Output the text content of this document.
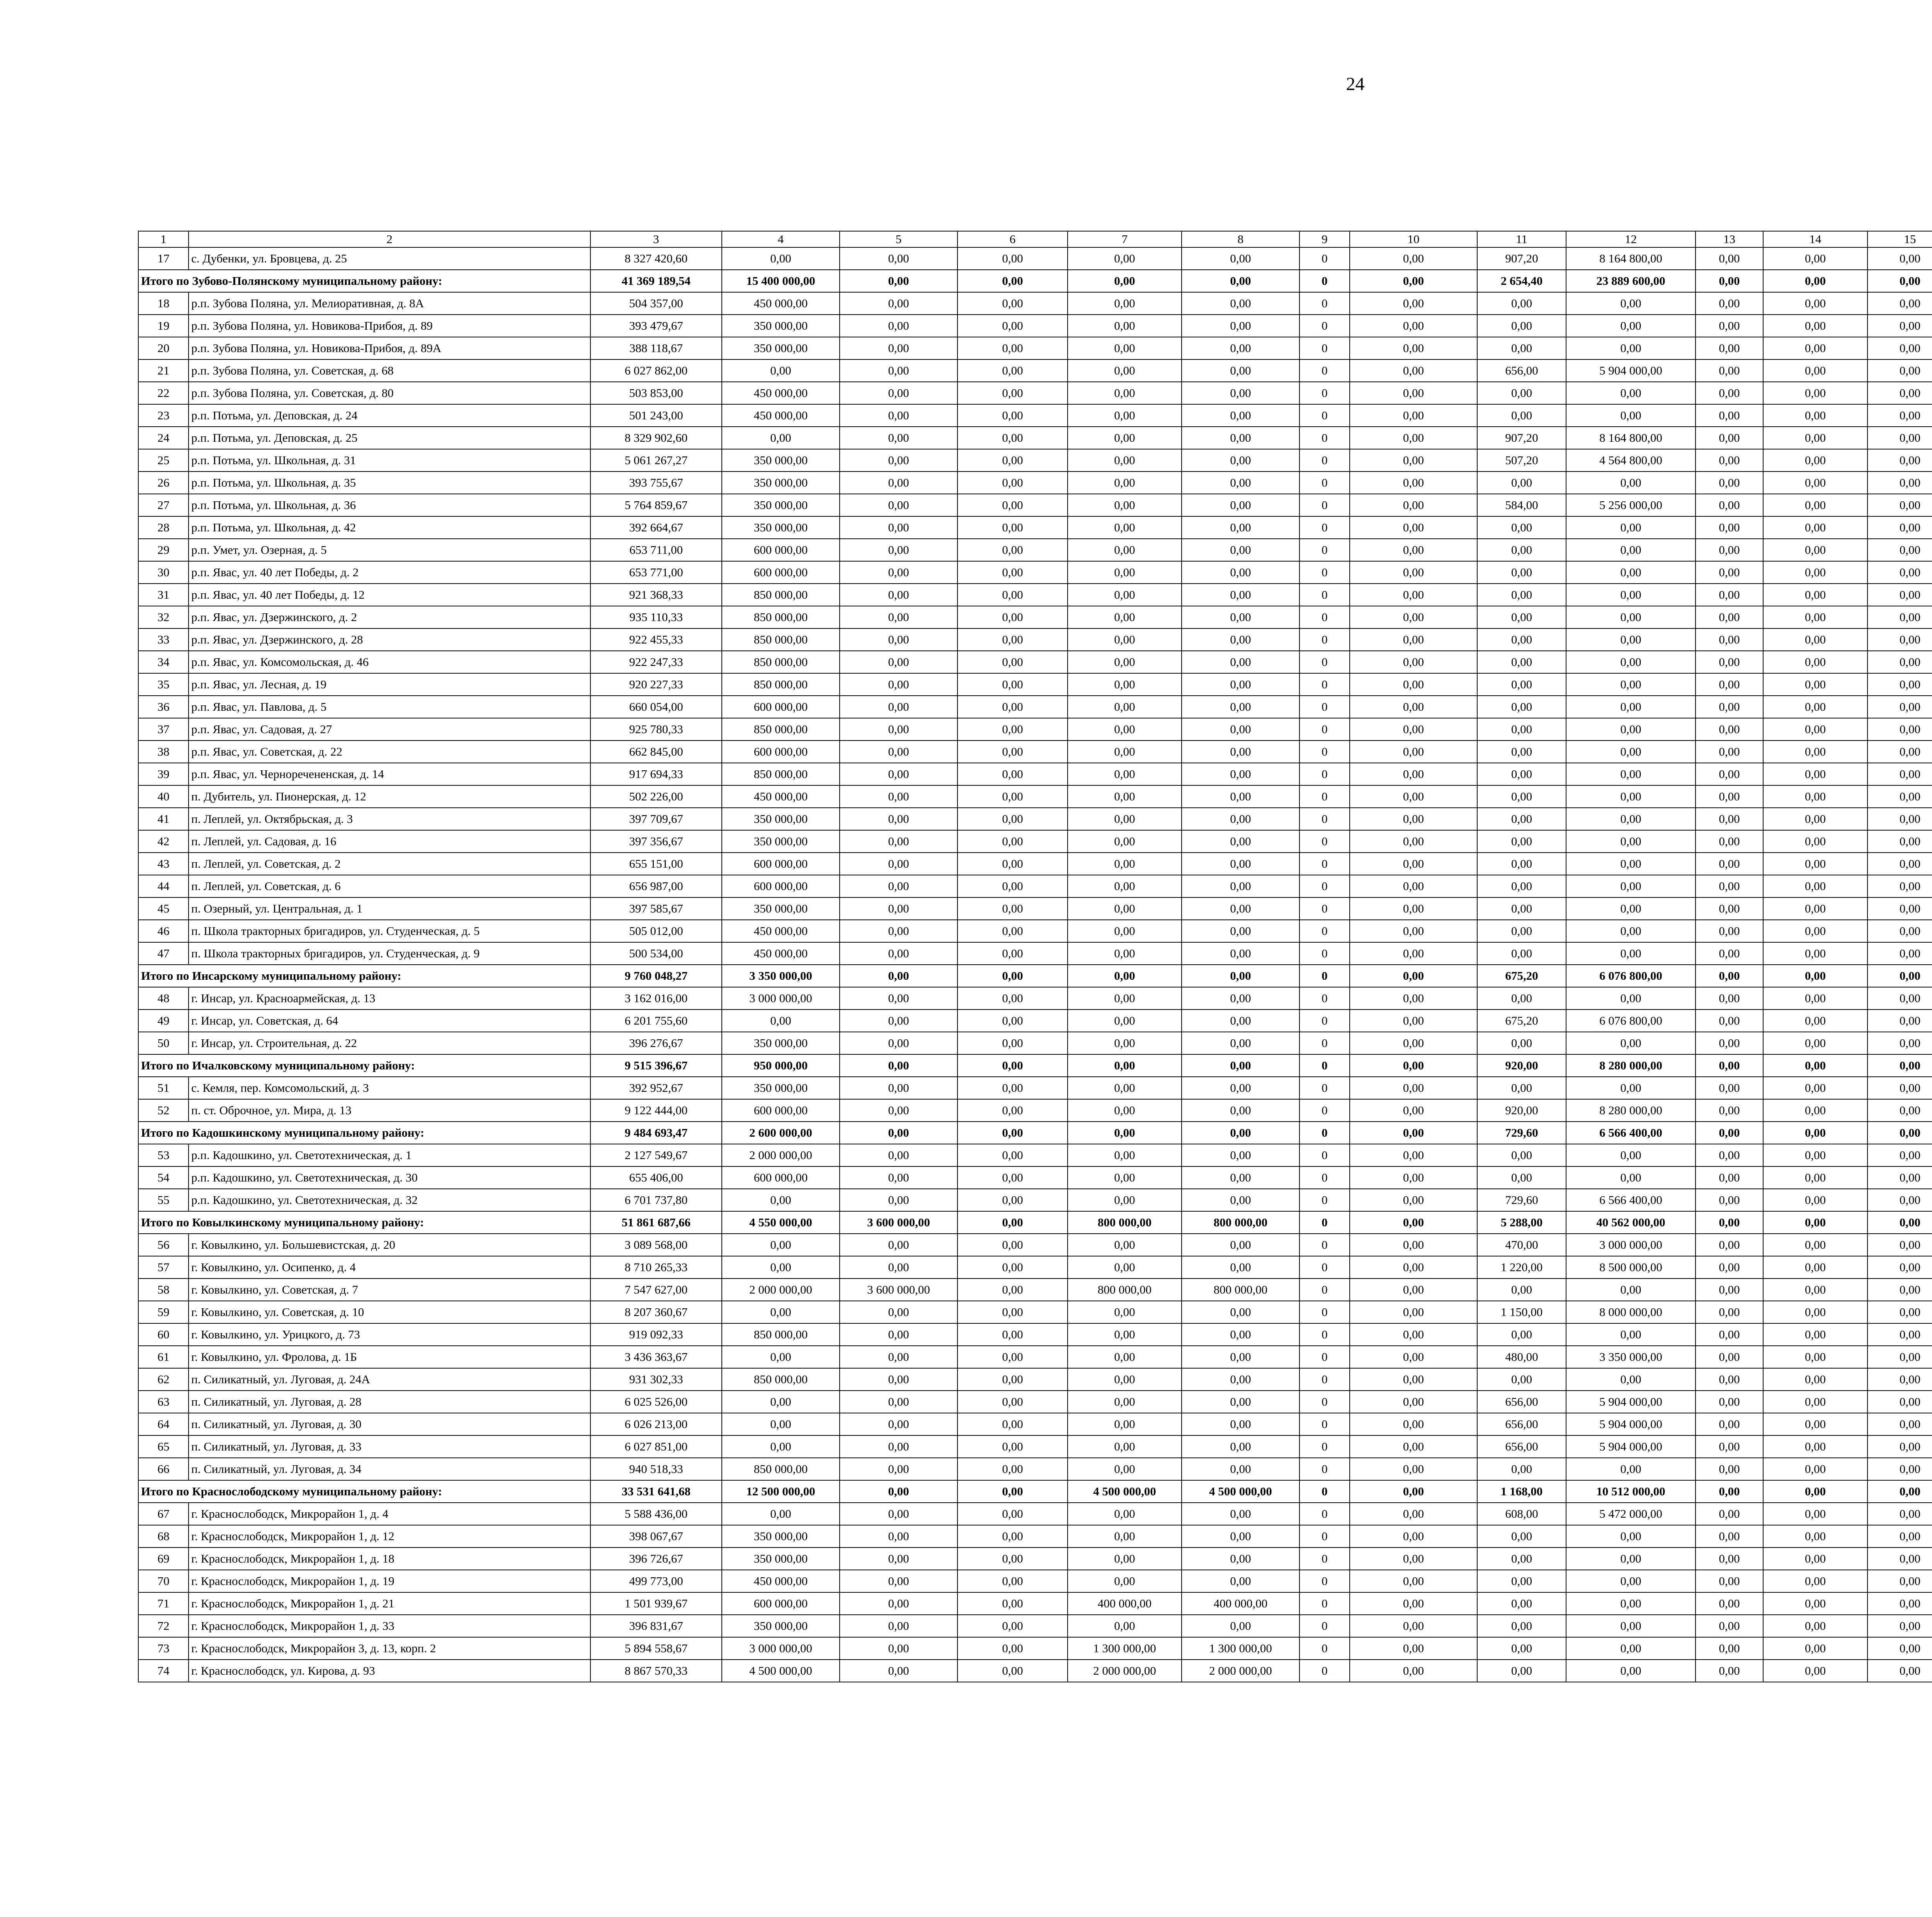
24
1	2	3	4	5	6	7	8	9	10	11	12	13	14	15						
17	с. Дубенки, ул. Бровцева, д. 25	8 327 420,60	0,00	0,00	0,00	0,00	0,00	0	0,00	907,20	8 164 800,00	0,00	0,00	0,00						
Итого по Зубово-Полянскому муниципальному району:		41 369 189,54	15 400 000,00	0,00	0,00	0,00	0,00	0	0,00	2 654,40	23 889 600,00	0,00	0,00	0,00						
18	р.п. Зубова Поляна, ул. Мелиоративная, д. 8А	504 357,00	450 000,00	0,00	0,00	0,00	0,00	0	0,00	0,00	0,00	0,00	0,00	0,00						
19	р.п. Зубова Поляна, ул. Новикова-Прибоя, д. 89	393 479,67	350 000,00	0,00	0,00	0,00	0,00	0	0,00	0,00	0,00	0,00	0,00	0,00						
20	р.п. Зубова Поляна, ул. Новикова-Прибоя, д. 89А	388 118,67	350 000,00	0,00	0,00	0,00	0,00	0	0,00	0,00	0,00	0,00	0,00	0,00						
21	р.п. Зубова Поляна, ул. Советская, д. 68	6 027 862,00	0,00	0,00	0,00	0,00	0,00	0	0,00	656,00	5 904 000,00	0,00	0,00	0,00						
22	р.п. Зубова Поляна, ул. Советская, д. 80	503 853,00	450 000,00	0,00	0,00	0,00	0,00	0	0,00	0,00	0,00	0,00	0,00	0,00						
23	р.п. Потьма, ул. Деповская, д. 24	501 243,00	450 000,00	0,00	0,00	0,00	0,00	0	0,00	0,00	0,00	0,00	0,00	0,00						
24	р.п. Потьма, ул. Деповская, д. 25	8 329 902,60	0,00	0,00	0,00	0,00	0,00	0	0,00	907,20	8 164 800,00	0,00	0,00	0,00						
25	р.п. Потьма, ул. Школьная, д. 31	5 061 267,27	350 000,00	0,00	0,00	0,00	0,00	0	0,00	507,20	4 564 800,00	0,00	0,00	0,00						
26	р.п. Потьма, ул. Школьная, д. 35	393 755,67	350 000,00	0,00	0,00	0,00	0,00	0	0,00	0,00	0,00	0,00	0,00	0,00						
27	р.п. Потьма, ул. Школьная, д. 36	5 764 859,67	350 000,00	0,00	0,00	0,00	0,00	0	0,00	584,00	5 256 000,00	0,00	0,00	0,00						
28	р.п. Потьма, ул. Школьная, д. 42	392 664,67	350 000,00	0,00	0,00	0,00	0,00	0	0,00	0,00	0,00	0,00	0,00	0,00						
29	р.п. Умет, ул. Озерная, д. 5	653 711,00	600 000,00	0,00	0,00	0,00	0,00	0	0,00	0,00	0,00	0,00	0,00	0,00						
30	р.п. Явас, ул. 40 лет Победы, д. 2	653 771,00	600 000,00	0,00	0,00	0,00	0,00	0	0,00	0,00	0,00	0,00	0,00	0,00						
31	р.п. Явас, ул. 40 лет Победы, д. 12	921 368,33	850 000,00	0,00	0,00	0,00	0,00	0	0,00	0,00	0,00	0,00	0,00	0,00						
32	р.п. Явас, ул. Дзержинского, д. 2	935 110,33	850 000,00	0,00	0,00	0,00	0,00	0	0,00	0,00	0,00	0,00	0,00	0,00						
33	р.п. Явас, ул. Дзержинского, д. 28	922 455,33	850 000,00	0,00	0,00	0,00	0,00	0	0,00	0,00	0,00	0,00	0,00	0,00						
34	р.п. Явас, ул. Комсомольская, д. 46	922 247,33	850 000,00	0,00	0,00	0,00	0,00	0	0,00	0,00	0,00	0,00	0,00	0,00						
35	р.п. Явас, ул. Лесная, д. 19	920 227,33	850 000,00	0,00	0,00	0,00	0,00	0	0,00	0,00	0,00	0,00	0,00	0,00						
36	р.п. Явас, ул. Павлова, д. 5	660 054,00	600 000,00	0,00	0,00	0,00	0,00	0	0,00	0,00	0,00	0,00	0,00	0,00						
37	р.п. Явас, ул. Садовая, д. 27	925 780,33	850 000,00	0,00	0,00	0,00	0,00	0	0,00	0,00	0,00	0,00	0,00	0,00						
38	р.п. Явас, ул. Советская, д. 22	662 845,00	600 000,00	0,00	0,00	0,00	0,00	0	0,00	0,00	0,00	0,00	0,00	0,00						
39	р.п. Явас, ул. Черноречененская, д. 14	917 694,33	850 000,00	0,00	0,00	0,00	0,00	0	0,00	0,00	0,00	0,00	0,00	0,00						
40	п. Дубитель, ул. Пионерская, д. 12	502 226,00	450 000,00	0,00	0,00	0,00	0,00	0	0,00	0,00	0,00	0,00	0,00	0,00						
41	п. Леплей, ул. Октябрьская, д. 3	397 709,67	350 000,00	0,00	0,00	0,00	0,00	0	0,00	0,00	0,00	0,00	0,00	0,00						
42	п. Леплей, ул. Садовая, д. 16	397 356,67	350 000,00	0,00	0,00	0,00	0,00	0	0,00	0,00	0,00	0,00	0,00	0,00						
43	п. Леплей, ул. Советская, д. 2	655 151,00	600 000,00	0,00	0,00	0,00	0,00	0	0,00	0,00	0,00	0,00	0,00	0,00						
44	п. Леплей, ул. Советская, д. 6	656 987,00	600 000,00	0,00	0,00	0,00	0,00	0	0,00	0,00	0,00	0,00	0,00	0,00						
45	п. Озерный, ул. Центральная, д. 1	397 585,67	350 000,00	0,00	0,00	0,00	0,00	0	0,00	0,00	0,00	0,00	0,00	0,00						
46	п. Школа тракторных бригадиров, ул. Студенческая, д. 5	505 012,00	450 000,00	0,00	0,00	0,00	0,00	0	0,00	0,00	0,00	0,00	0,00	0,00						
47	п. Школа тракторных бригадиров, ул. Студенческая, д. 9	500 534,00	450 000,00	0,00	0,00	0,00	0,00	0	0,00	0,00	0,00	0,00	0,00	0,00						
Итого по Инсарскому муниципальному району:		9 760 048,27	3 350 000,00	0,00	0,00	0,00	0,00	0	0,00	675,20	6 076 800,00	0,00	0,00	0,00						
48	г. Инсар, ул. Красноармейская, д. 13	3 162 016,00	3 000 000,00	0,00	0,00	0,00	0,00	0	0,00	0,00	0,00	0,00	0,00	0,00						
49	г. Инсар, ул. Советская, д. 64	6 201 755,60	0,00	0,00	0,00	0,00	0,00	0	0,00	675,20	6 076 800,00	0,00	0,00	0,00						
50	г. Инсар, ул. Строительная, д. 22	396 276,67	350 000,00	0,00	0,00	0,00	0,00	0	0,00	0,00	0,00	0,00	0,00	0,00						
Итого по Ичалковскому муниципальному району:		9 515 396,67	950 000,00	0,00	0,00	0,00	0,00	0	0,00	920,00	8 280 000,00	0,00	0,00	0,00						
51	с. Кемля, пер. Комсомольский, д. 3	392 952,67	350 000,00	0,00	0,00	0,00	0,00	0	0,00	0,00	0,00	0,00	0,00	0,00						
52	п. ст. Оброчное, ул. Мира, д. 13	9 122 444,00	600 000,00	0,00	0,00	0,00	0,00	0	0,00	920,00	8 280 000,00	0,00	0,00	0,00						
Итого по Кадошкинскому муниципальному району:		9 484 693,47	2 600 000,00	0,00	0,00	0,00	0,00	0	0,00	729,60	6 566 400,00	0,00	0,00	0,00						
53	р.п. Кадошкино, ул. Светотехническая, д. 1	2 127 549,67	2 000 000,00	0,00	0,00	0,00	0,00	0	0,00	0,00	0,00	0,00	0,00	0,00						
54	р.п. Кадошкино, ул. Светотехническая, д. 30	655 406,00	600 000,00	0,00	0,00	0,00	0,00	0	0,00	0,00	0,00	0,00	0,00	0,00						
55	р.п. Кадошкино, ул. Светотехническая, д. 32	6 701 737,80	0,00	0,00	0,00	0,00	0,00	0	0,00	729,60	6 566 400,00	0,00	0,00	0,00						
Итого по Ковылкинскому муниципальному району:		51 861 687,66	4 550 000,00	3 600 000,00	0,00	800 000,00	800 000,00	0	0,00	5 288,00	40 562 000,00	0,00	0,00	0,00						
56	г. Ковылкино, ул. Большевистская, д. 20	3 089 568,00	0,00	0,00	0,00	0,00	0,00	0	0,00	470,00	3 000 000,00	0,00	0,00	0,00						
57	г. Ковылкино, ул. Осипенко, д. 4	8 710 265,33	0,00	0,00	0,00	0,00	0,00	0	0,00	1 220,00	8 500 000,00	0,00	0,00	0,00						
58	г. Ковылкино, ул. Советская, д. 7	7 547 627,00	2 000 000,00	3 600 000,00	0,00	800 000,00	800 000,00	0	0,00	0,00	0,00	0,00	0,00	0,00						
59	г. Ковылкино, ул. Советская, д. 10	8 207 360,67	0,00	0,00	0,00	0,00	0,00	0	0,00	1 150,00	8 000 000,00	0,00	0,00	0,00						
60	г. Ковылкино, ул. Урицкого, д. 73	919 092,33	850 000,00	0,00	0,00	0,00	0,00	0	0,00	0,00	0,00	0,00	0,00	0,00						
61	г. Ковылкино, ул. Фролова, д. 1Б	3 436 363,67	0,00	0,00	0,00	0,00	0,00	0	0,00	480,00	3 350 000,00	0,00	0,00	0,00						
62	п. Силикатный, ул. Луговая, д. 24А	931 302,33	850 000,00	0,00	0,00	0,00	0,00	0	0,00	0,00	0,00	0,00	0,00	0,00						
63	п. Силикатный, ул. Луговая, д. 28	6 025 526,00	0,00	0,00	0,00	0,00	0,00	0	0,00	656,00	5 904 000,00	0,00	0,00	0,00						
64	п. Силикатный, ул. Луговая, д. 30	6 026 213,00	0,00	0,00	0,00	0,00	0,00	0	0,00	656,00	5 904 000,00	0,00	0,00	0,00						
65	п. Силикатный, ул. Луговая, д. 33	6 027 851,00	0,00	0,00	0,00	0,00	0,00	0	0,00	656,00	5 904 000,00	0,00	0,00	0,00						
66	п. Силикатный, ул. Луговая, д. 34	940 518,33	850 000,00	0,00	0,00	0,00	0,00	0	0,00	0,00	0,00	0,00	0,00	0,00						
Итого по Краснослободскому муниципальному району:		33 531 641,68	12 500 000,00	0,00	0,00	4 500 000,00	4 500 000,00	0	0,00	1 168,00	10 512 000,00	0,00	0,00	0,00						
67	г. Краснослободск, Микрорайон 1, д. 4	5 588 436,00	0,00	0,00	0,00	0,00	0,00	0	0,00	608,00	5 472 000,00	0,00	0,00	0,00						
68	г. Краснослободск, Микрорайон 1, д. 12	398 067,67	350 000,00	0,00	0,00	0,00	0,00	0	0,00	0,00	0,00	0,00	0,00	0,00						
69	г. Краснослободск, Микрорайон 1, д. 18	396 726,67	350 000,00	0,00	0,00	0,00	0,00	0	0,00	0,00	0,00	0,00	0,00	0,00						
70	г. Краснослободск, Микрорайон 1, д. 19	499 773,00	450 000,00	0,00	0,00	0,00	0,00	0	0,00	0,00	0,00	0,00	0,00	0,00						
71	г. Краснослободск, Микрорайон 1, д. 21	1 501 939,67	600 000,00	0,00	0,00	400 000,00	400 000,00	0	0,00	0,00	0,00	0,00	0,00	0,00						
72	г. Краснослободск, Микрорайон 1, д. 33	396 831,67	350 000,00	0,00	0,00	0,00	0,00	0	0,00	0,00	0,00	0,00	0,00	0,00						
73	г. Краснослободск, Микрорайон 3, д. 13, корп. 2	5 894 558,67	3 000 000,00	0,00	0,00	1 300 000,00	1 300 000,00	0	0,00	0,00	0,00	0,00	0,00	0,00						
74	г. Краснослободск, ул. Кирова, д. 93	8 867 570,33	4 500 000,00	0,00	0,00	2 000 000,00	2 000 000,00	0	0,00	0,00	0,00	0,00	0,00	0,00						
